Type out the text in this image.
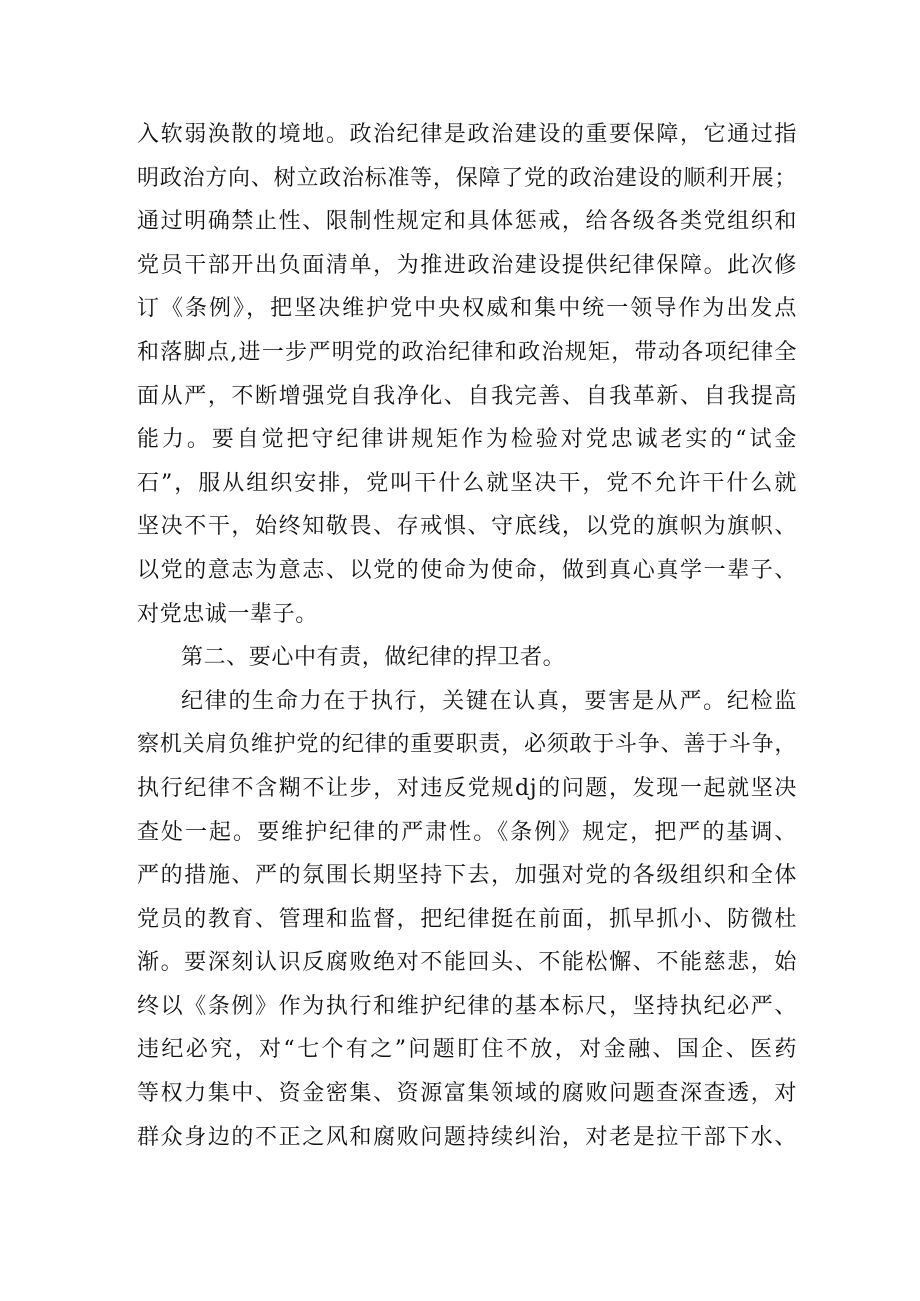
入软弱涣散的境地。政治纪律是政治建设的重要保障，它通过指
明政治方向、树立政治标准等，保障了党的政治建设的顺利开展；
通过明确禁止性、限制性规定和具体惩戒，给各级各类党组织和
党员干部开出负面清单，为推进政治建设提供纪律保障。此次修
订《条例》，把坚决维护党中央权威和集中统一领导作为出发点
和落脚点,进一步严明党的政治纪律和政治规矩，带动各项纪律全
面从严，不断增强党自我净化、自我完善、自我革新、自我提高
能力。要自觉把守纪律讲规矩作为检验对党忠诚老实的“试金
石”，服从组织安排，党叫干什么就坚决干，党不允许干什么就
坚决不干，始终知敬畏、存戒惧、守底线，以党的旗帜为旗帜、
以党的意志为意志、以党的使命为使命，做到真心真学一辈子、
对党忠诚一辈子。
第二、要心中有责，做纪律的捍卫者。
纪律的生命力在于执行，关键在认真，要害是从严。纪检监
察机关肩负维护党的纪律的重要职责，必须敢于斗争、善于斗争，
执行纪律不含糊不让步，对违反党规dj的问题，发现一起就坚决
查处一起。要维护纪律的严肃性。《条例》规定，把严的基调、
严的措施、严的氛围长期坚持下去，加强对党的各级组织和全体
党员的教育、管理和监督，把纪律挺在前面，抓早抓小、防微杜
渐。要深刻认识反腐败绝对不能回头、不能松懈、不能慈悲，始
终以《条例》作为执行和维护纪律的基本标尺，坚持执纪必严、
违纪必究，对“七个有之”问题盯住不放，对金融、国企、医药
等权力集中、资金密集、资源富集领域的腐败问题查深查透，对
群众身边的不正之风和腐败问题持续纠治，对老是拉干部下水、
